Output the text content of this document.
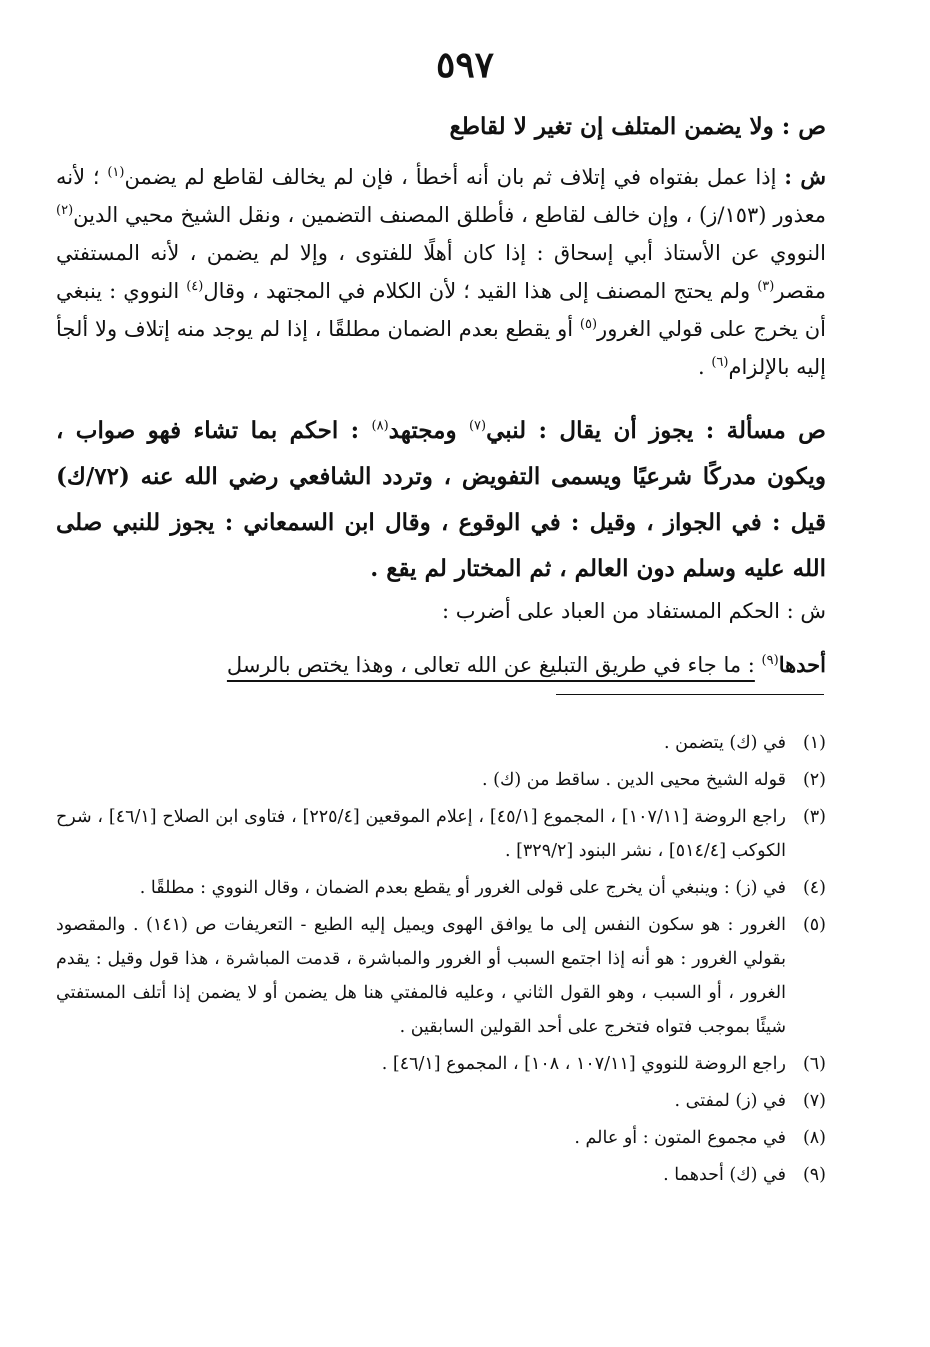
٥٩٧
ص : ولا يضمن المتلف إن تغير لا لقاطع
ش : إذا عمل بفتواه في إتلاف ثم بان أنه أخطأ ، فإن لم يخالف لقاطع لم يضمن$^{(١)}$ ؛ لأنه معذور (١٥٣/ز) ، وإن خالف لقاطع ، فأطلق المصنف التضمين ، ونقل الشيخ محيي الدين$^{(٢)}$ النووي عن الأستاذ أبي إسحاق : إذا كان أهلًا للفتوى ، وإلا لم يضمن ، لأنه المستفتي مقصر$^{(٣)}$ ولم يحتج المصنف إلى هذا القيد ؛ لأن الكلام في المجتهد ، وقال$^{(٤)}$ النووي : ينبغي أن يخرج على قولي الغرور$^{(٥)}$ أو يقطع بعدم الضمان مطلقًا ، إذا لم يوجد منه إتلاف ولا ألجأ إليه بالإلزام$^{(٦)}$ .
ص مسألة : يجوز أن يقال : لنبي$^{(٧)}$ ومجتهد$^{(٨)}$ : احكم بما تشاء فهو صواب ، ويكون مدركًا شرعيًا ويسمى التفويض ، وتردد الشافعي رضي الله عنه (٧٢/ك) قيل : في الجواز ، وقيل : في الوقوع ، وقال ابن السمعاني : يجوز للنبي صلى الله عليه وسلم دون العالم ، ثم المختار لم يقع .
ش : الحكم المستفاد من العباد على أضرب :
أحدها$^{(٩)}$ : ما جاء في طريق التبليغ عن الله تعالى ، وهذا يختص بالرسل
(١)
في (ك) يتضمن .
(٢)
قوله الشيخ محيى الدين . ساقط من (ك) .
(٣)
راجع الروضة [١٠٧/١١] ، المجموع [٤٥/١] ، إعلام الموقعين [٢٢٥/٤] ، فتاوى ابن الصلاح [٤٦/١] ، شرح الكوكب [٥١٤/٤] ، نشر البنود [٣٢٩/٢] .
(٤)
في (ز) : وينبغي أن يخرج على قولى الغرور أو يقطع بعدم الضمان ، وقال النووي : مطلقًا .
(٥)
الغرور : هو سكون النفس إلى ما يوافق الهوى ويميل إليه الطبع - التعريفات ص (١٤١) . والمقصود بقولي الغرور : هو أنه إذا اجتمع السبب أو الغرور والمباشرة ، قدمت المباشرة ، هذا قول وقيل : يقدم الغرور ، أو السبب ، وهو القول الثاني ، وعليه فالمفتي هنا هل يضمن أو لا يضمن إذا أتلف المستفتي شيئًا بموجب فتواه فتخرج على أحد القولين السابقين .
(٦)
راجع الروضة للنووي [١٠٧/١١ ، ١٠٨] ، المجموع [٤٦/١] .
(٧)
في (ز) لمفتى .
(٨)
في مجموع المتون : أو عالم .
(٩)
في (ك) أحدهما .
